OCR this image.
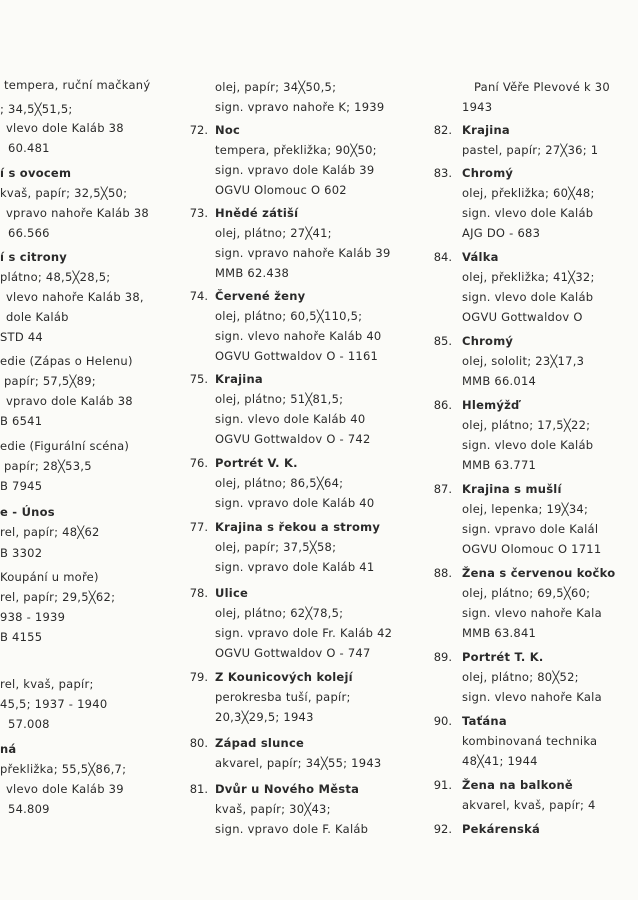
tempera, ruční mačkaný
; 34,5╳51,5;
vlevo dole Kaláb 38
60.481
í s ovocem
kvaš, papír; 32,5╳50;
vpravo nahoře Kaláb 38
66.566
í s citrony
plátno; 48,5╳28,5;
vlevo nahoře Kaláb 38,
dole Kaláb
STD 44
edie (Zápas o Helenu)
papír; 57,5╳89;
vpravo dole Kaláb 38
B 6541
edie (Figurální scéna)
papír; 28╳53,5
B 7945
e - Únos
rel, papír; 48╳62
B 3302
Koupání u moře)
rel, papír; 29,5╳62;
938 - 1939
B 4155
rel, kvaš, papír;
45,5; 1937 - 1940
57.008
ná
překližka; 55,5╳86,7;
vlevo dole Kaláb 39
54.809
olej, papír; 34╳50,5;
sign. vpravo nahoře K; 1939
72. Noc
tempera, překližka; 90╳50;
sign. vpravo dole Kaláb 39
OGVU Olomouc O 602
73. Hnědé zátiší
olej, plátno; 27╳41;
sign. vpravo nahoře Kaláb 39
MMB 62.438
74. Červené ženy
olej, plátno; 60,5╳110,5;
sign. vlevo nahoře Kaláb 40
OGVU Gottwaldov O - 1161
75. Krajina
olej, plátno; 51╳81,5;
sign. vlevo dole Kaláb 40
OGVU Gottwaldov O - 742
76. Portrét V. K.
olej, plátno; 86,5╳64;
sign. vpravo dole Kaláb 40
77. Krajina s řekou a stromy
olej, papír; 37,5╳58;
sign. vpravo dole Kaláb 41
78. Ulice
olej, plátno; 62╳78,5;
sign. vpravo dole Fr. Kaláb 42
OGVU Gottwaldov O - 747
79. Z Kounicových kolejí
perokresba tuší, papír;
20,3╳29,5; 1943
80. Západ slunce
akvarel, papír; 34╳55; 1943
81. Dvůr u Nového Města
kvaš, papír; 30╳43;
sign. vpravo dole F. Kaláb
Paní Věře Plevové k 30
1943
82. Krajina
pastel, papír; 27╳36; 1
83. Chromý
olej, překližka; 60╳48;
sign. vlevo dole Kaláb
AJG DO - 683
84. Válka
olej, překližka; 41╳32;
sign. vlevo dole Kaláb
OGVU Gottwaldov O
85. Chromý
olej, sololit; 23╳17,3
MMB 66.014
86. Hlemýžď
olej, plátno; 17,5╳22;
sign. vlevo dole Kaláb
MMB 63.771
87. Krajina s mušlí
olej, lepenka; 19╳34;
sign. vpravo dole Kalál
OGVU Olomouc O 1711
88. Žena s červenou kočko
olej, plátno; 69,5╳60;
sign. vlevo nahoře Kala
MMB 63.841
89. Portrét T. K.
olej, plátno; 80╳52;
sign. vlevo nahoře Kala
90. Taťána
kombinovaná technika
48╳41; 1944
91. Žena na balkoně
akvarel, kvaš, papír; 4
92. Pekárenská
